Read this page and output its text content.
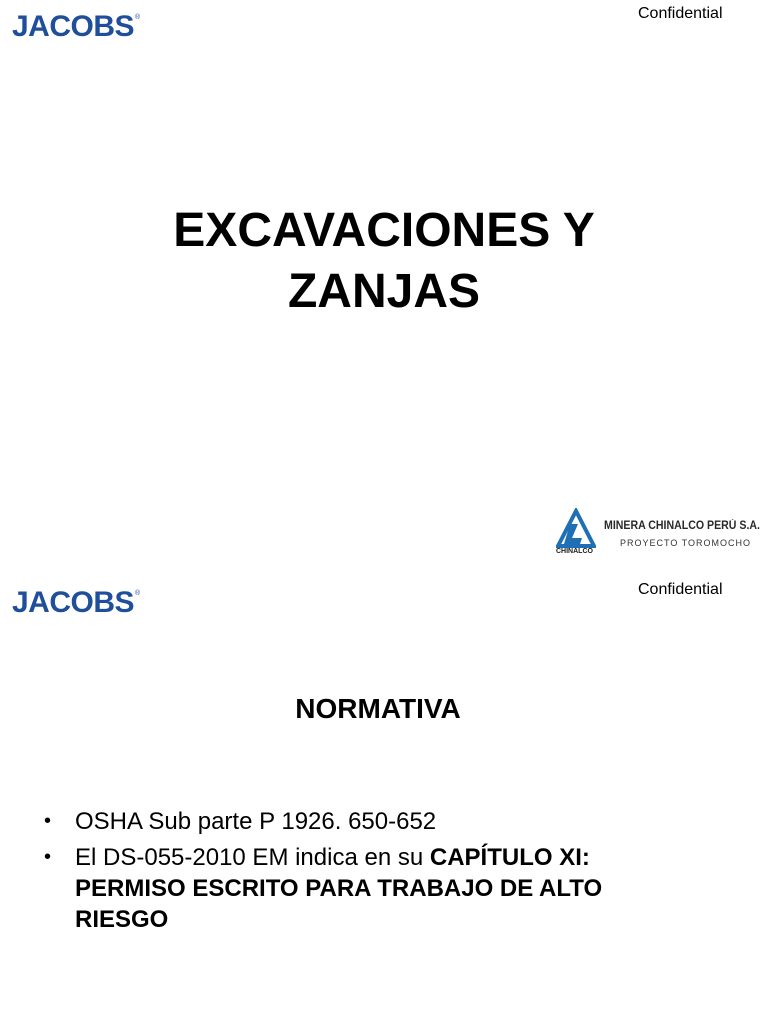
JACOBS®	Confidential
EXCAVACIONES Y
ZANJAS
CHINALCO
MINERA CHINALCO PERÚ S.A.
PROYECTO TOROMOCHO
JACOBS®	Confidential
NORMATIVA
• OSHA Sub parte P 1926. 650-652
• El DS-055-2010 EM indica en su CAPÍTULO XI: PERMISO ESCRITO PARA TRABAJO DE ALTO RIESGO
